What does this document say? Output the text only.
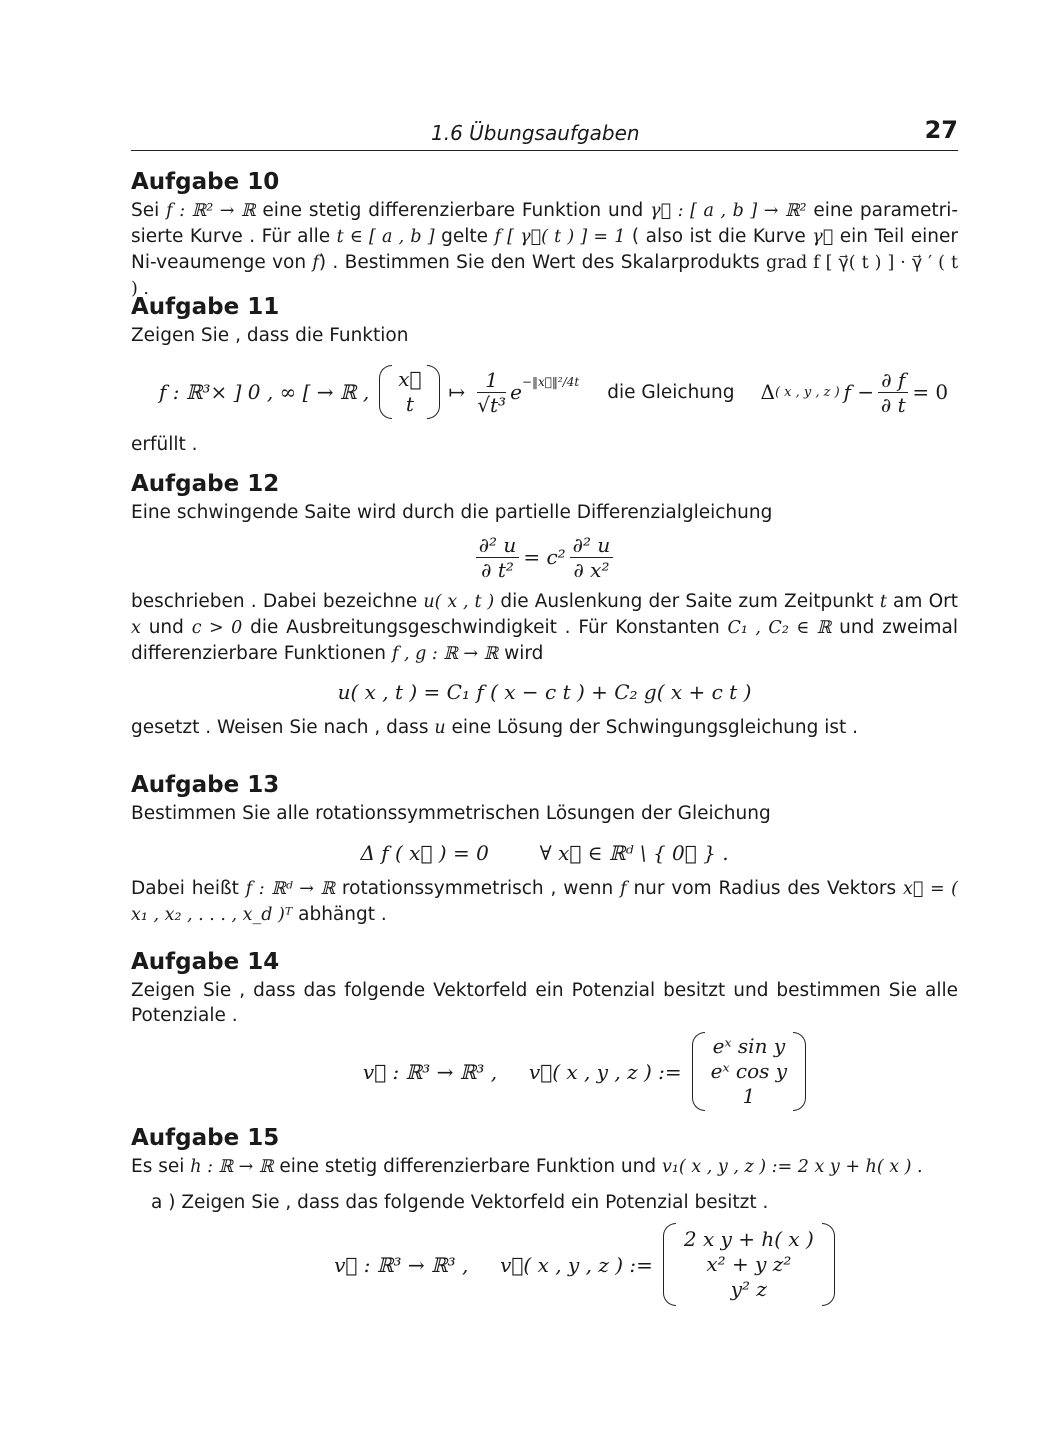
1.6 Übungsaufgaben	27
Aufgabe 10

Sei f : ℝ² → ℝ eine stetig differenzierbare Funktion und γ⃗ : [ a , b ] → ℝ² eine parametri-sierte Kurve . Für alle t ∈ [ a , b ] gelte f [ γ⃗( t ) ] = 1 ( also ist die Kurve γ⃗ ein Teil einer Ni-veaumenge von f) . Bestimmen Sie den Wert des Skalarprodukts grad f [ γ⃗( t ) ] · γ⃗ ′ ( t ) .

Aufgabe 11

Zeigen Sie , dass die Funktion

f : ℝ³× ] 0 , ∞ [ → ℝ ,
x⃗
t	↦ $\frac{1}{\text{√t³}} e^{-‖x⃗‖^2/4t}$ die Gleichung Δ ( x , y , z ) $f - \frac{\partial f}{\partial t} = 0$

erfüllt .

Aufgabe 12

Eine schwingende Saite wird durch die partielle Differenzialgleichung

$\frac{\text{∂² u}}{\text{∂ t²}} = c^2 \frac{\text{∂² u}}{\text{∂ x²}}$

beschrieben . Dabei bezeichne u( x , t ) die Auslenkung der Saite zum Zeitpunkt t am Ort x und c > 0 die Ausbreitungsgeschwindigkeit . Für Konstanten C₁ , C₂ ∈ ℝ und zweimal differenzierbare Funktionen f , g : ℝ → ℝ wird

u( x , t ) = C₁ f ( x − c t ) + C₂ g( x + c t )

gesetzt . Weisen Sie nach , dass u eine Lösung der Schwingungsgleichung ist .

Aufgabe 13

Bestimmen Sie alle rotationssymmetrischen Lösungen der Gleichung

Δ f ( x⃗ ) = 0        ∀ x⃗ ∈ ℝᵈ \ { 0⃗ } .

Dabei heißt f : ℝᵈ → ℝ rotationssymmetrisch , wenn f nur vom Radius des Vektors x⃗ = ( x₁ , x₂ , . . . , x_d )ᵀ abhängt .

Aufgabe 14

Zeigen Sie , dass das folgende Vektorfeld ein Potenzial besitzt und bestimmen Sie alle Potenziale .

v⃗ : ℝ³ → ℝ³ ,     v⃗( x , y , z ) :=
eˣ sin y
eˣ cos y
1
Aufgabe 15

Es sei h : ℝ → ℝ eine stetig differenzierbare Funktion und v₁( x , y , z ) := 2 x y + h( x ) .

a ) Zeigen Sie , dass das folgende Vektorfeld ein Potenzial besitzt .

v⃗ : ℝ³ → ℝ³ ,     v⃗( x , y , z ) :=
2 x y + h( x )
x² + y z²
y² z
